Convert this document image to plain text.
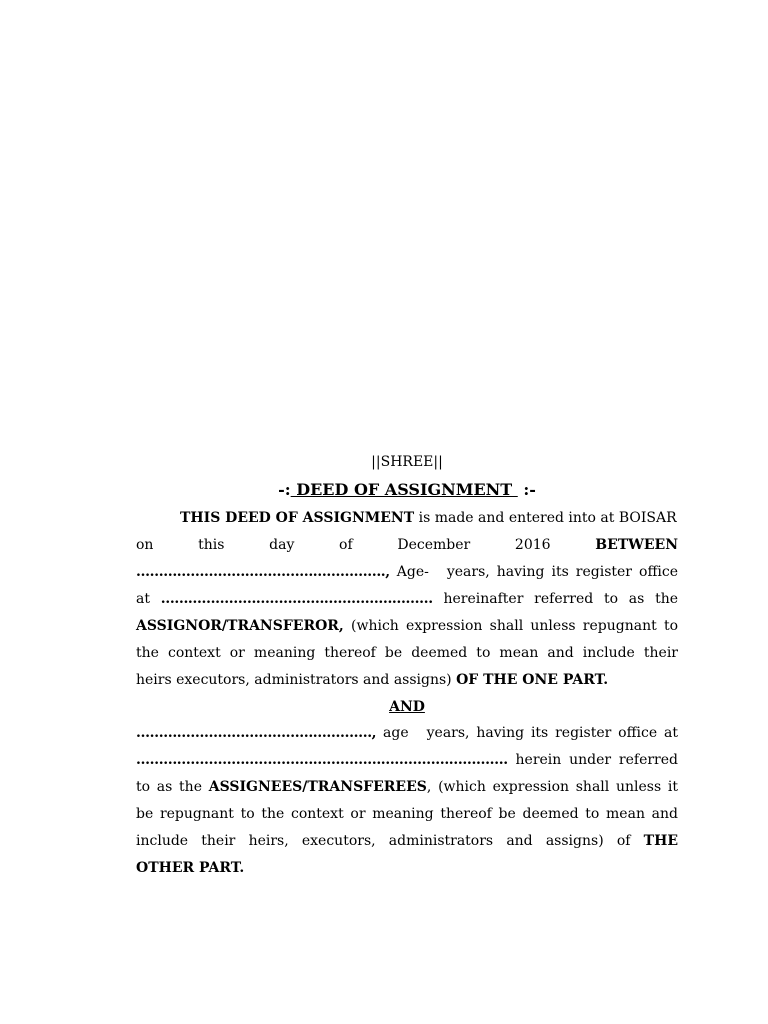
||SHREE||
-: DEED OF ASSIGNMENT  :-
THIS DEED OF ASSIGNMENT is made and entered into at BOISAR
on	this	day	of	December	2016	BETWEEN
………………………………………………., Age- years, having its register office
at …………………………………………………… hereinafter referred to as the
ASSIGNOR/TRANSFEROR, (which expression shall unless repugnant to
the context or meaning thereof be deemed to mean and include their
heirs executors, administrators and assigns) OF THE ONE PART.
AND
……………………………………………., age years, having its register office at
………………………………………………………………………. herein under referred
to as the ASSIGNEES/TRANSFEREES, (which expression shall unless it
be repugnant to the context or meaning thereof be deemed to mean and
include their heirs, executors, administrators and assigns) of THE
OTHER PART.
